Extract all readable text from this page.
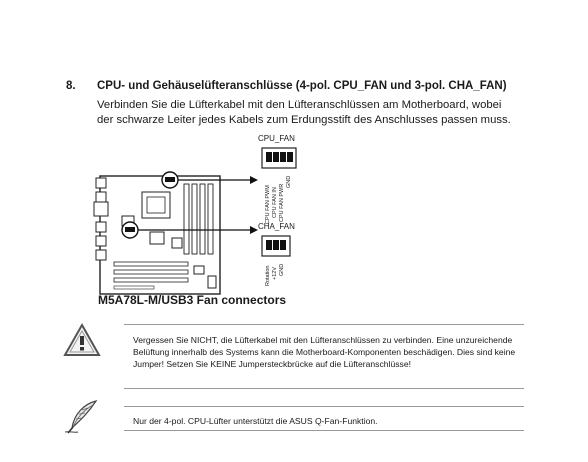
8. CPU- und Gehäuselüfteranschlüsse (4-pol. CPU_FAN und 3-pol. CHA_FAN)
Verbinden Sie die Lüfterkabel mit den Lüfteranschlüssen am Motherboard, wobei der schwarze Leiter jedes Kabels zum Erdungsstift des Anschlusses passen muss.
CPU_FAN
CPU FAN PWM CPU FAN IN CPU FAN PWR
GND
CHA_FAN
Rotation +12V GND
M5A78L-M/USB3 Fan connectors
Vergessen Sie NICHT, die Lüfterkabel mit den Lüfteranschlüssen zu verbinden. Eine unzureichende Belüftung innerhalb des Systems kann die Motherboard-Komponenten beschädigen. Dies sind keine Jumper! Setzen Sie KEINE Jumpersteckbrücke auf die Lüfteranschlüsse!
Nur der 4-pol. CPU-Lüfter unterstützt die ASUS Q-Fan-Funktion.
